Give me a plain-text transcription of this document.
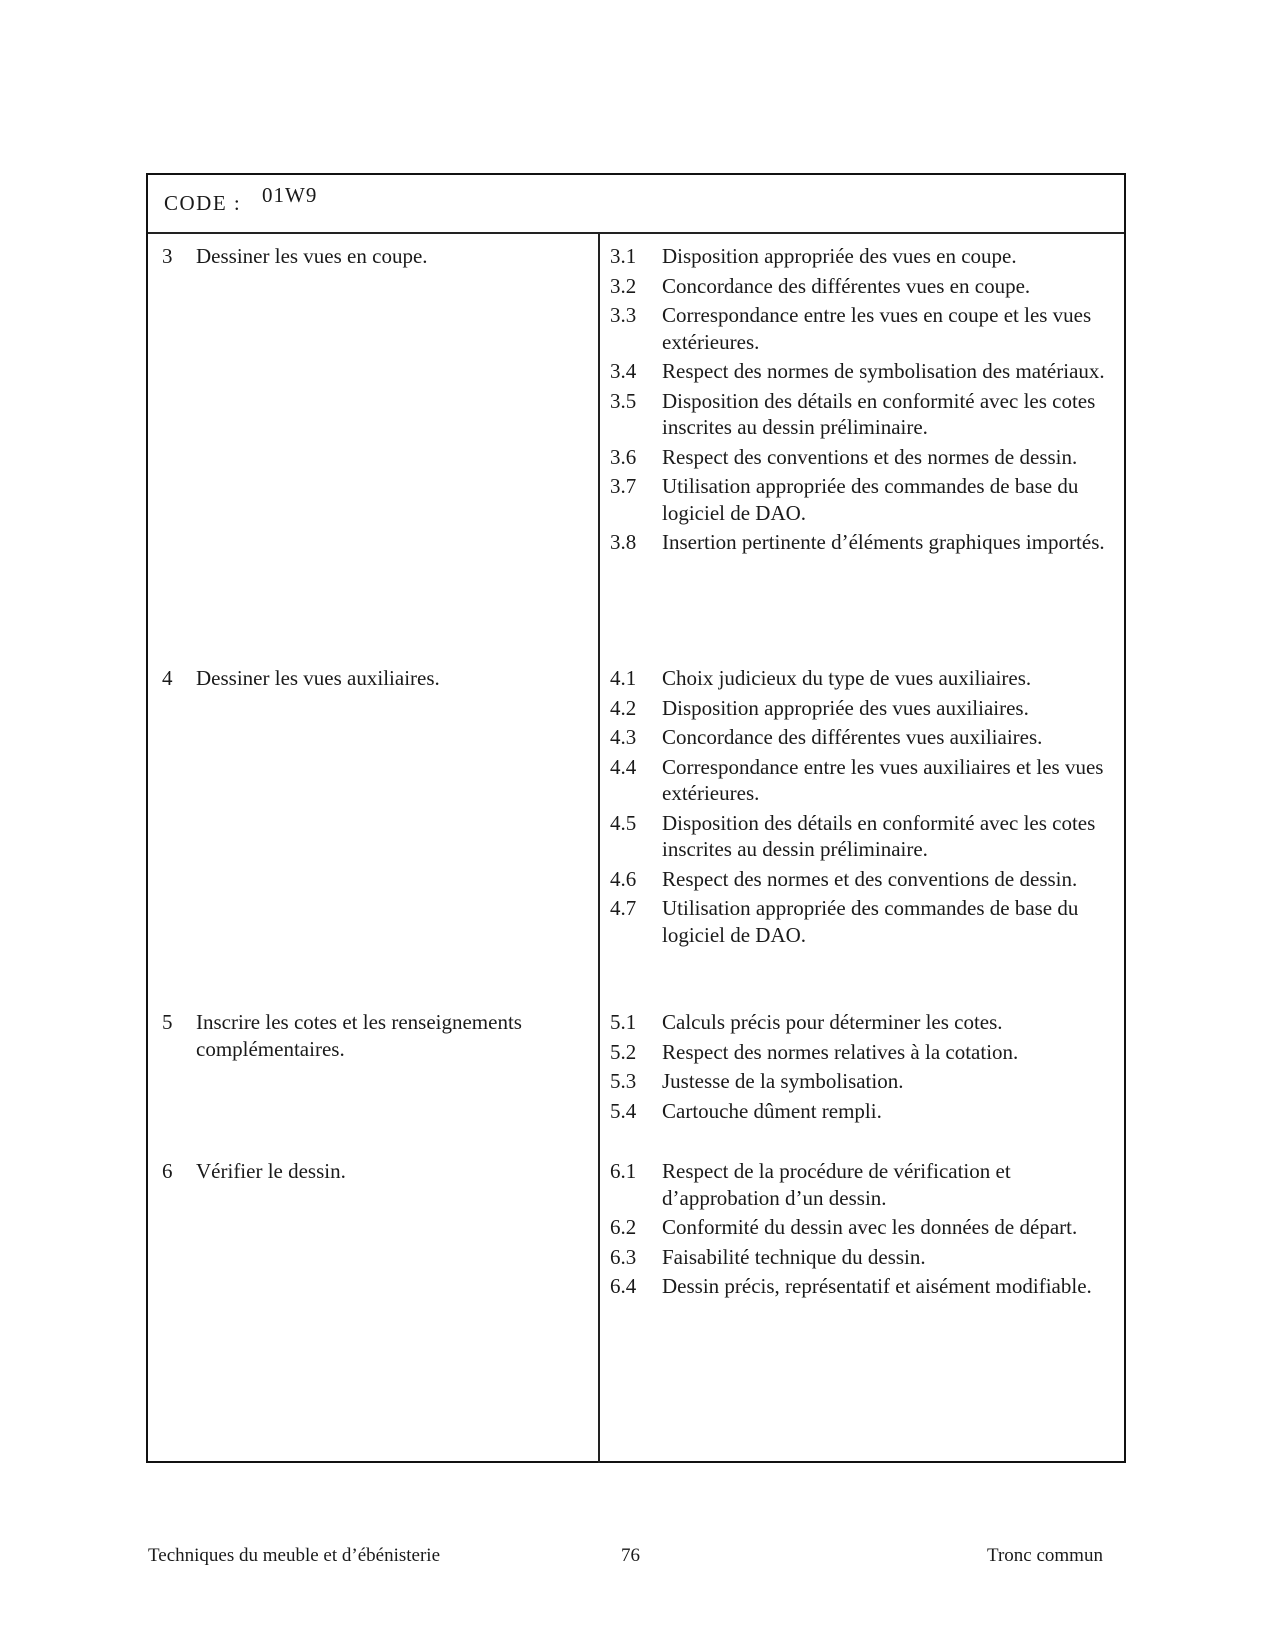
CODE : 01W9
3	Dessiner les vues en coupe.	3.1	Disposition appropriée des vues en coupe.
3.2	Concordance des différentes vues en coupe.
3.3	Correspondance entre les vues en coupe et les vues extérieures.
3.4	Respect des normes de symbolisation des matériaux.
3.5	Disposition des détails en conformité avec les cotes inscrites au dessin préliminaire.
3.6	Respect des conventions et des normes de dessin.
3.7	Utilisation appropriée des commandes de base du logiciel de DAO.
3.8	Insertion pertinente d’éléments graphiques importés.
4	Dessiner les vues auxiliaires.	4.1	Choix judicieux du type de vues auxiliaires.
4.2	Disposition appropriée des vues auxiliaires.
4.3	Concordance des différentes vues auxiliaires.
4.4	Correspondance entre les vues auxiliaires et les vues extérieures.
4.5	Disposition des détails en conformité avec les cotes inscrites au dessin préliminaire.
4.6	Respect des normes et des conventions de dessin.
4.7	Utilisation appropriée des commandes de base du logiciel de DAO.
5	Inscrire les cotes et les renseignements complémentaires.
5.1	Calculs précis pour déterminer les cotes.
5.2	Respect des normes relatives à la cotation.
5.3	Justesse de la symbolisation.
5.4	Cartouche dûment rempli.
6	Vérifier le dessin.	6.1	Respect de la procédure de vérification et d’approbation d’un dessin.
6.2	Conformité du dessin avec les données de départ.
6.3	Faisabilité technique du dessin.
6.4	Dessin précis, représentatif et aisément modifiable.
Techniques du meuble et d’ébénisterie	76	Tronc commun
